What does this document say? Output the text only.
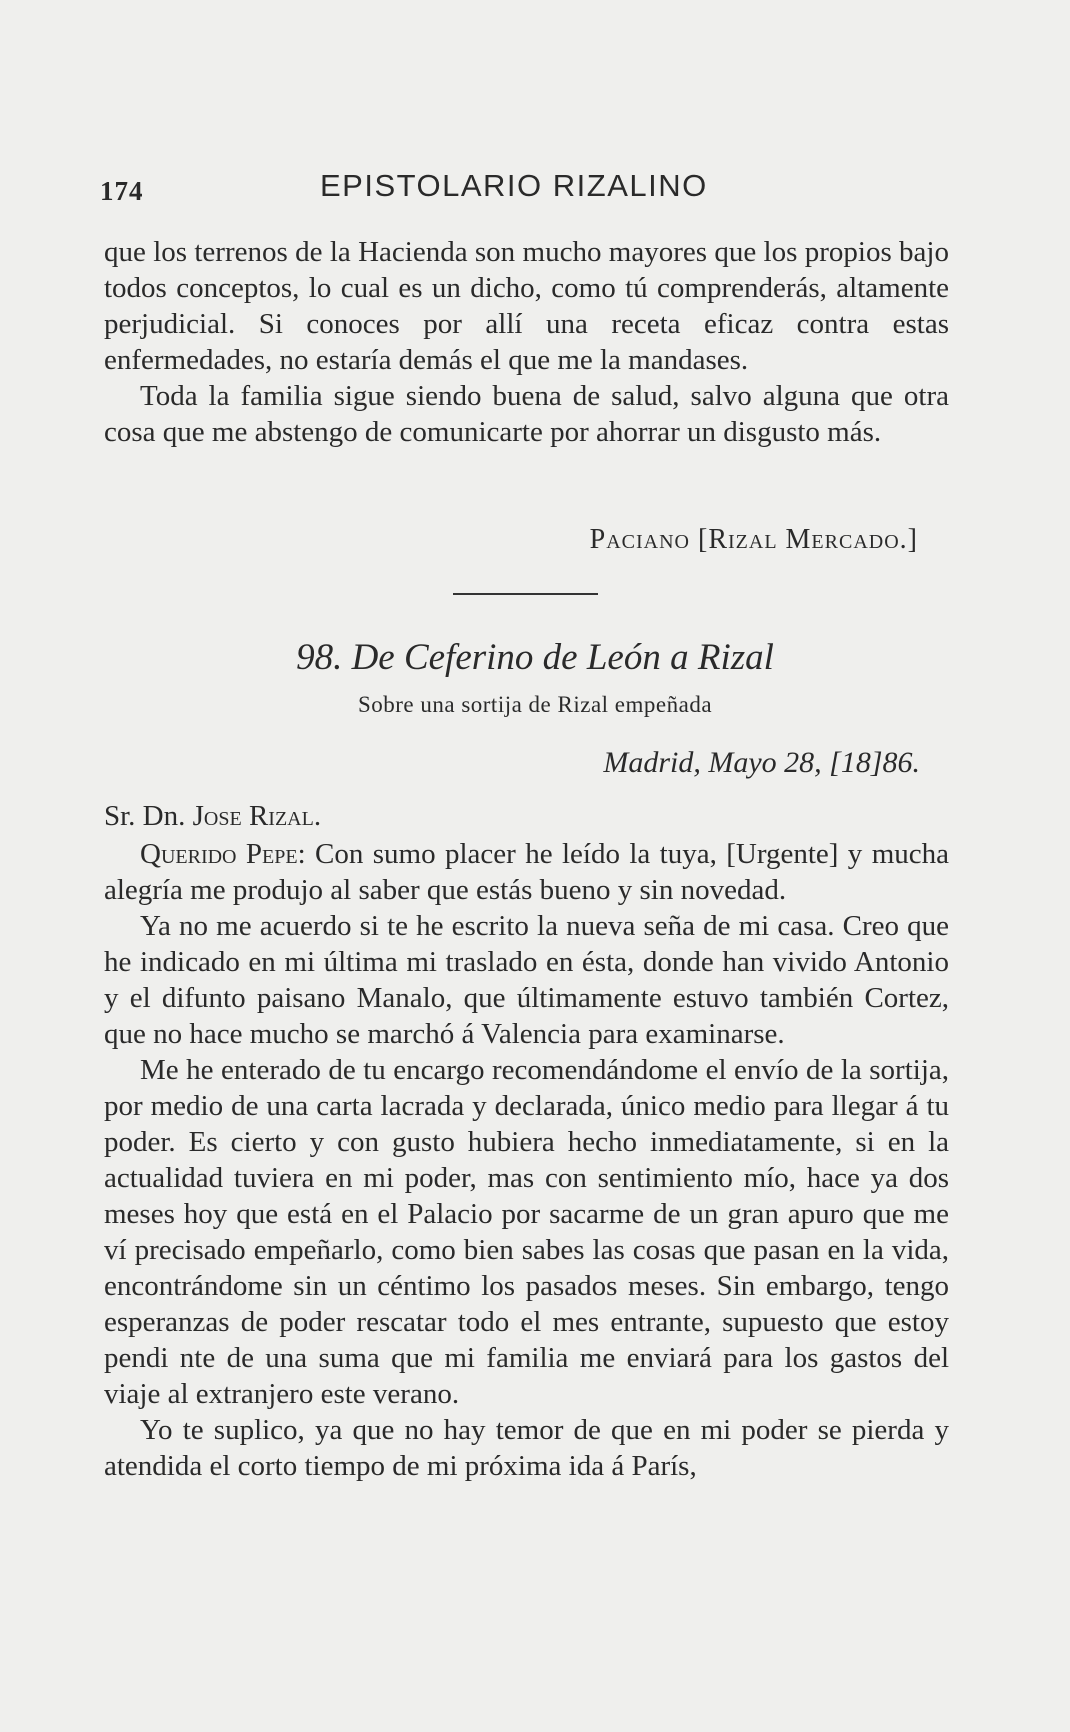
174	EPISTOLARIO RIZALINO

que los terrenos de la Hacienda son mucho mayores que los propios bajo todos conceptos, lo cual es un dicho, como tú comprenderás, altamente perjudicial. Si conoces por allí una receta eficaz contra estas enfermedades, no estaría demás el que me la mandases.

Toda la familia sigue siendo buena de salud, salvo alguna que otra cosa que me abstengo de comunicarte por ahorrar un disgusto más.

Paciano [Rizal Mercado.]
98. De Ceferino de León a Rizal
Sobre una sortija de Rizal empeñada
Madrid, Mayo 28, [18]86.
Sr. Dn. Jose Rizal.

Querido Pepe: Con sumo placer he leído la tuya, [Urgente] y mucha alegría me produjo al saber que estás bueno y sin novedad.

Ya no me acuerdo si te he escrito la nueva seña de mi casa. Creo que he indicado en mi última mi traslado en ésta, donde han vivido Antonio y el difunto paisano Manalo, que últimamente estuvo también Cortez, que no hace mucho se marchó á Valencia para examinarse.

Me he enterado de tu encargo recomendándome el envío de la sortija, por medio de una carta lacrada y declarada, único medio para llegar á tu poder. Es cierto y con gusto hubiera hecho inmediatamente, si en la actualidad tuviera en mi poder, mas con sentimiento mío, hace ya dos meses hoy que está en el Palacio por sacarme de un gran apuro que me ví precisado empeñarlo, como bien sabes las cosas que pasan en la vida, encontrándome sin un céntimo los pasados meses. Sin embargo, tengo esperanzas de poder rescatar todo el mes entrante, supuesto que estoy pendi nte de una suma que mi familia me enviará para los gastos del viaje al extranjero este verano.

Yo te suplico, ya que no hay temor de que en mi poder se pierda y atendida el corto tiempo de mi próxima ida á París,
